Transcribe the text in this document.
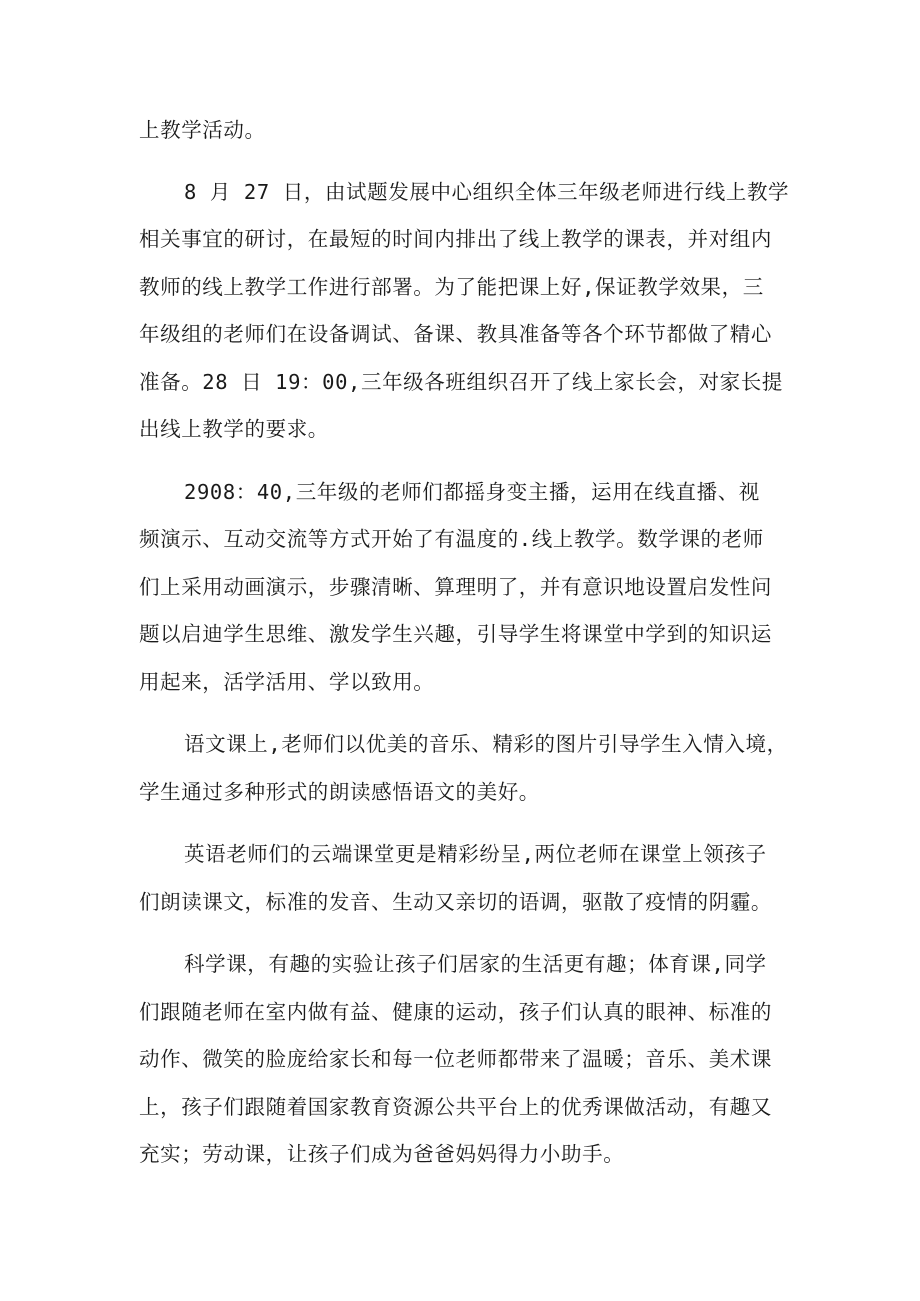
上教学活动。
8 月 27 日，由试题发展中心组织全体三年级老师进行线上教学
相关事宜的研讨，在最短的时间内排出了线上教学的课表，并对组内
教师的线上教学工作进行部署。为了能把课上好,保证教学效果，三
年级组的老师们在设备调试、备课、教具准备等各个环节都做了精心
准备。28 日 19：00,三年级各班组织召开了线上家长会，对家长提
出线上教学的要求。
2908：40,三年级的老师们都摇身变主播，运用在线直播、视
频演示、互动交流等方式开始了有温度的.线上教学。数学课的老师
们上采用动画演示，步骤清晰、算理明了，并有意识地设置启发性问
题以启迪学生思维、激发学生兴趣，引导学生将课堂中学到的知识运
用起来，活学活用、学以致用。
语文课上,老师们以优美的音乐、精彩的图片引导学生入情入境，
学生通过多种形式的朗读感悟语文的美好。
英语老师们的云端课堂更是精彩纷呈,两位老师在课堂上领孩子
们朗读课文，标准的发音、生动又亲切的语调，驱散了疫情的阴霾。
科学课，有趣的实验让孩子们居家的生活更有趣；体育课,同学
们跟随老师在室内做有益、健康的运动，孩子们认真的眼神、标准的
动作、微笑的脸庞给家长和每一位老师都带来了温暖；音乐、美术课
上，孩子们跟随着国家教育资源公共平台上的优秀课做活动，有趣又
充实；劳动课，让孩子们成为爸爸妈妈得力小助手。
